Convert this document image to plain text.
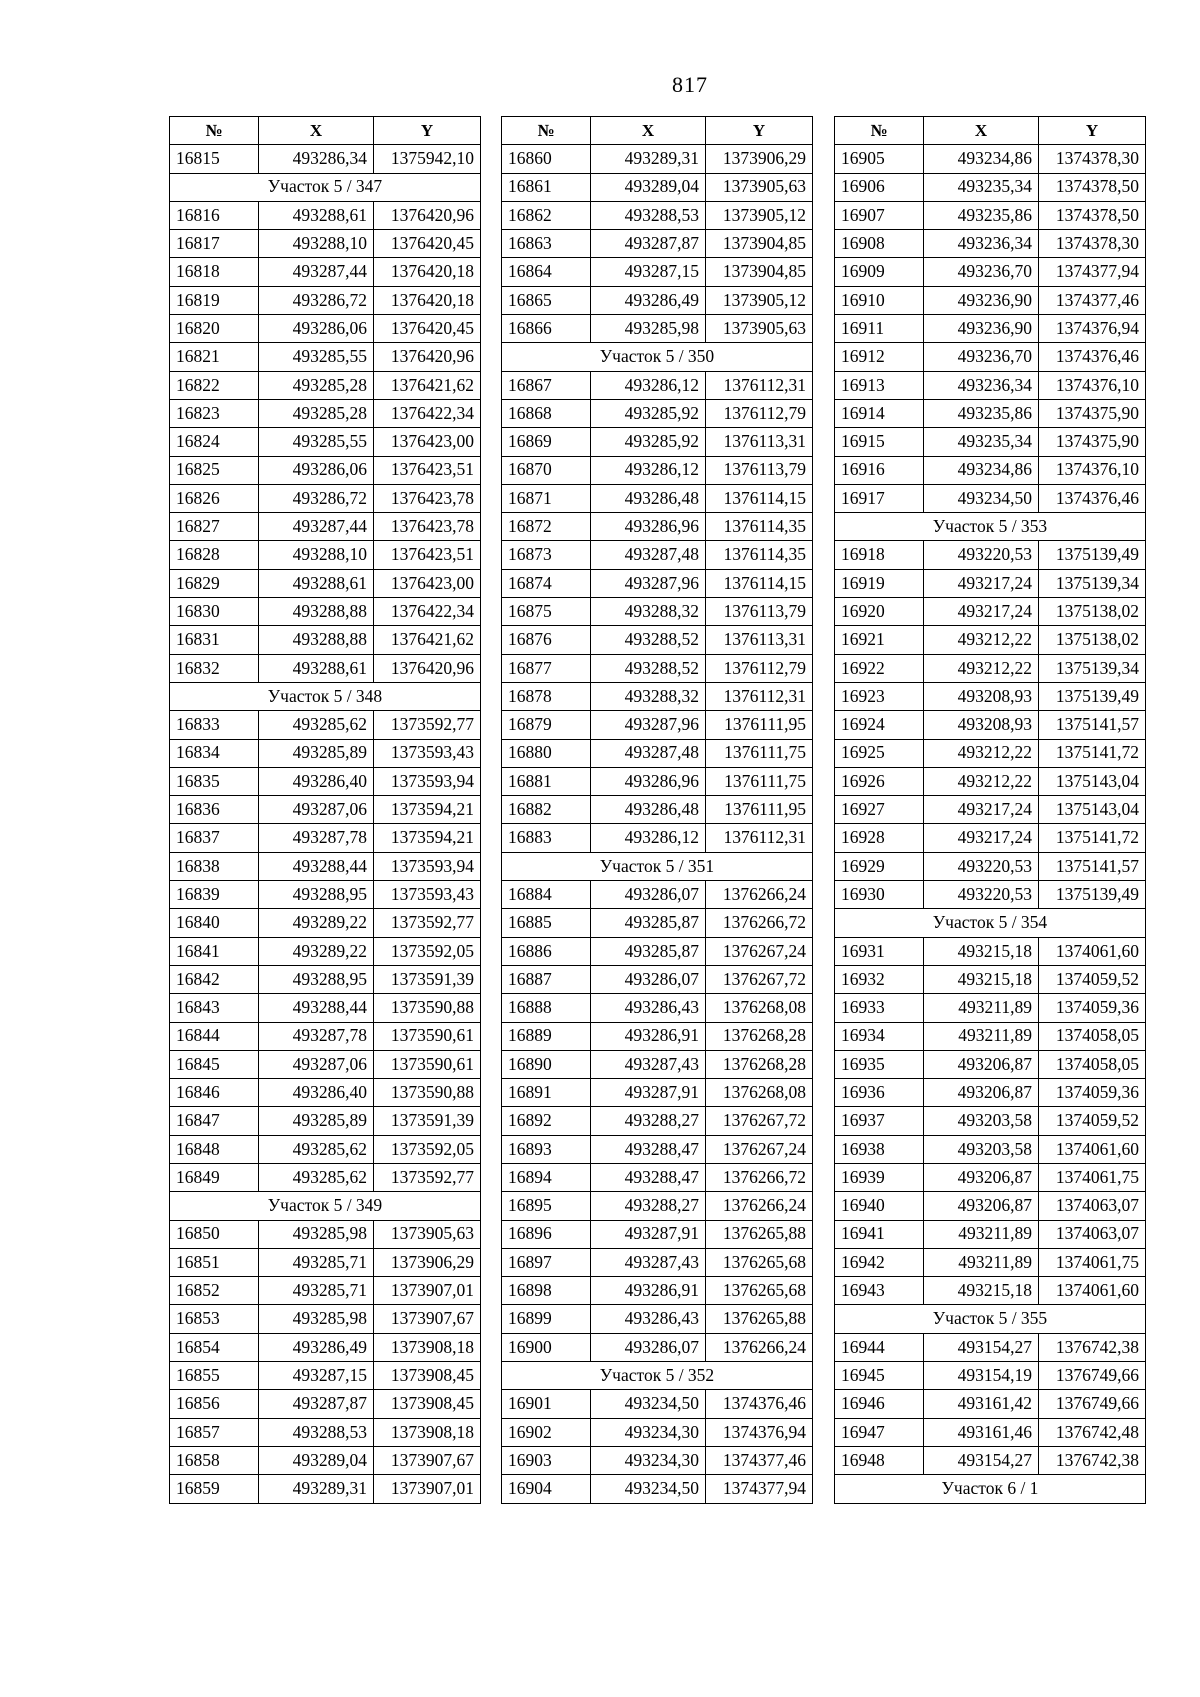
817
№	X	Y
16815	493286,34	1375942,10
Участок 5 / 347		
16816	493288,61	1376420,96
16817	493288,10	1376420,45
16818	493287,44	1376420,18
16819	493286,72	1376420,18
16820	493286,06	1376420,45
16821	493285,55	1376420,96
16822	493285,28	1376421,62
16823	493285,28	1376422,34
16824	493285,55	1376423,00
16825	493286,06	1376423,51
16826	493286,72	1376423,78
16827	493287,44	1376423,78
16828	493288,10	1376423,51
16829	493288,61	1376423,00
16830	493288,88	1376422,34
16831	493288,88	1376421,62
16832	493288,61	1376420,96
Участок 5 / 348		
16833	493285,62	1373592,77
16834	493285,89	1373593,43
16835	493286,40	1373593,94
16836	493287,06	1373594,21
16837	493287,78	1373594,21
16838	493288,44	1373593,94
16839	493288,95	1373593,43
16840	493289,22	1373592,77
16841	493289,22	1373592,05
16842	493288,95	1373591,39
16843	493288,44	1373590,88
16844	493287,78	1373590,61
16845	493287,06	1373590,61
16846	493286,40	1373590,88
16847	493285,89	1373591,39
16848	493285,62	1373592,05
16849	493285,62	1373592,77
Участок 5 / 349		
16850	493285,98	1373905,63
16851	493285,71	1373906,29
16852	493285,71	1373907,01
16853	493285,98	1373907,67
16854	493286,49	1373908,18
16855	493287,15	1373908,45
16856	493287,87	1373908,45
16857	493288,53	1373908,18
16858	493289,04	1373907,67
16859	493289,31	1373907,01
№	X	Y
16860	493289,31	1373906,29
16861	493289,04	1373905,63
16862	493288,53	1373905,12
16863	493287,87	1373904,85
16864	493287,15	1373904,85
16865	493286,49	1373905,12
16866	493285,98	1373905,63
Участок 5 / 350		
16867	493286,12	1376112,31
16868	493285,92	1376112,79
16869	493285,92	1376113,31
16870	493286,12	1376113,79
16871	493286,48	1376114,15
16872	493286,96	1376114,35
16873	493287,48	1376114,35
16874	493287,96	1376114,15
16875	493288,32	1376113,79
16876	493288,52	1376113,31
16877	493288,52	1376112,79
16878	493288,32	1376112,31
16879	493287,96	1376111,95
16880	493287,48	1376111,75
16881	493286,96	1376111,75
16882	493286,48	1376111,95
16883	493286,12	1376112,31
Участок 5 / 351		
16884	493286,07	1376266,24
16885	493285,87	1376266,72
16886	493285,87	1376267,24
16887	493286,07	1376267,72
16888	493286,43	1376268,08
16889	493286,91	1376268,28
16890	493287,43	1376268,28
16891	493287,91	1376268,08
16892	493288,27	1376267,72
16893	493288,47	1376267,24
16894	493288,47	1376266,72
16895	493288,27	1376266,24
16896	493287,91	1376265,88
16897	493287,43	1376265,68
16898	493286,91	1376265,68
16899	493286,43	1376265,88
16900	493286,07	1376266,24
Участок 5 / 352		
16901	493234,50	1374376,46
16902	493234,30	1374376,94
16903	493234,30	1374377,46
16904	493234,50	1374377,94
№	X	Y
16905	493234,86	1374378,30
16906	493235,34	1374378,50
16907	493235,86	1374378,50
16908	493236,34	1374378,30
16909	493236,70	1374377,94
16910	493236,90	1374377,46
16911	493236,90	1374376,94
16912	493236,70	1374376,46
16913	493236,34	1374376,10
16914	493235,86	1374375,90
16915	493235,34	1374375,90
16916	493234,86	1374376,10
16917	493234,50	1374376,46
Участок 5 / 353		
16918	493220,53	1375139,49
16919	493217,24	1375139,34
16920	493217,24	1375138,02
16921	493212,22	1375138,02
16922	493212,22	1375139,34
16923	493208,93	1375139,49
16924	493208,93	1375141,57
16925	493212,22	1375141,72
16926	493212,22	1375143,04
16927	493217,24	1375143,04
16928	493217,24	1375141,72
16929	493220,53	1375141,57
16930	493220,53	1375139,49
Участок 5 / 354		
16931	493215,18	1374061,60
16932	493215,18	1374059,52
16933	493211,89	1374059,36
16934	493211,89	1374058,05
16935	493206,87	1374058,05
16936	493206,87	1374059,36
16937	493203,58	1374059,52
16938	493203,58	1374061,60
16939	493206,87	1374061,75
16940	493206,87	1374063,07
16941	493211,89	1374063,07
16942	493211,89	1374061,75
16943	493215,18	1374061,60
Участок 5 / 355		
16944	493154,27	1376742,38
16945	493154,19	1376749,66
16946	493161,42	1376749,66
16947	493161,46	1376742,48
16948	493154,27	1376742,38
Участок 6 / 1		
